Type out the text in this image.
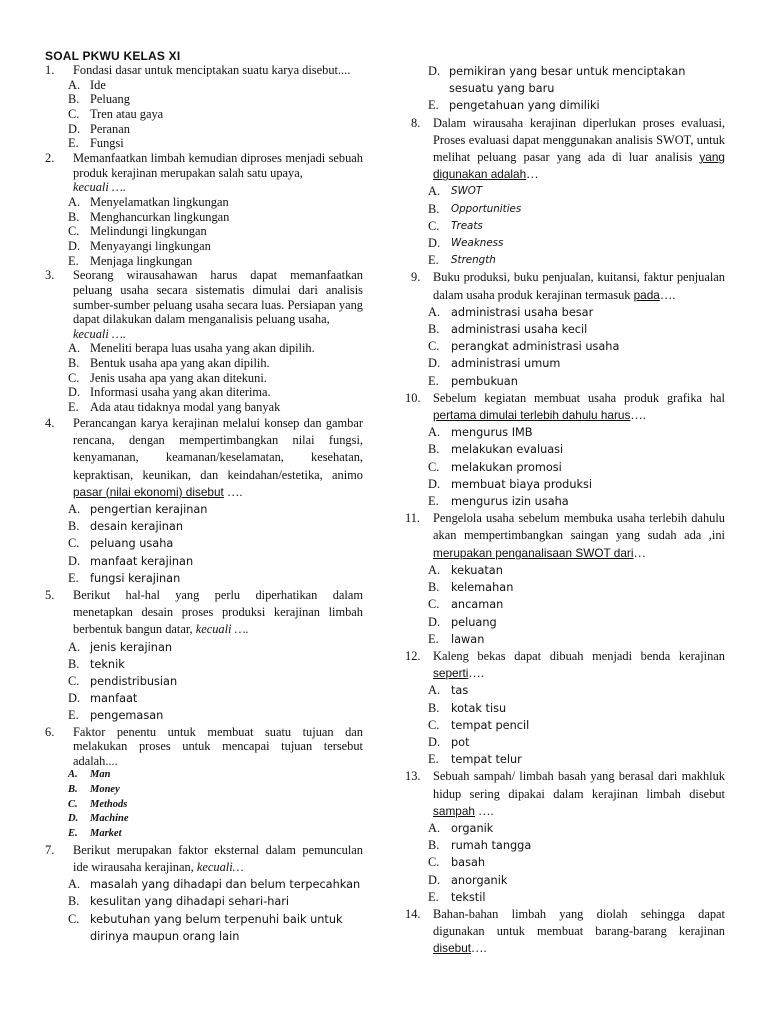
SOAL PKWU KELAS XI
1. Fondasi dasar untuk menciptakan suatu karya disebut....
A. Ide
B. Peluang
C. Tren atau gaya
D. Peranan
E. Fungsi
2. Memanfaatkan limbah kemudian diproses menjadi sebuah produk kerajinan merupakan salah satu upaya,
kecuali ….
A. Menyelamatkan lingkungan
B. Menghancurkan lingkungan
C. Melindungi lingkungan
D. Menyayangi lingkungan
E. Menjaga lingkungan
3. Seorang wirausahawan harus dapat memanfaatkan peluang usaha secara sistematis dimulai dari analisis sumber-sumber peluang usaha secara luas. Persiapan yang dapat dilakukan dalam menganalisis peluang usaha,
kecuali ….
A. Meneliti berapa luas usaha yang akan dipilih.
B. Bentuk usaha apa yang akan dipilih.
C. Jenis usaha apa yang akan ditekuni.
D. Informasi usaha yang akan diterima.
E. Ada atau tidaknya modal yang banyak
4. Perancangan karya kerajinan melalui konsep dan gambar rencana, dengan mempertimbangkan nilai fungsi, kenyamanan, keamanan/keselamatan, kesehatan, kepraktisan, keunikan, dan keindahan/estetika, animo pasar (nilai ekonomi) disebut ….
A. pengertian kerajinan
B. desain kerajinan
C. peluang usaha
D. manfaat kerajinan
E. fungsi kerajinan
5. Berikut hal-hal yang perlu diperhatikan dalam menetapkan desain proses produksi kerajinan limbah berbentuk bangun datar, kecuali ….
A. jenis kerajinan
B. teknik
C. pendistribusian
D. manfaat
E. pengemasan
6. Faktor penentu untuk membuat suatu tujuan dan melakukan proses untuk mencapai tujuan tersebut adalah....
A. Man
B. Money
C. Methods
D. Machine
E. Market
7. Berikut merupakan faktor eksternal dalam pemunculan ide wirausaha kerajinan, kecuali…
A. masalah yang dihadapi dan belum terpecahkan
B. kesulitan yang dihadapi sehari-hari
C. kebutuhan yang belum terpenuhi baik untuk dirinya maupun orang lain
D. pemikiran yang besar untuk menciptakan sesuatu yang baru
E. pengetahuan yang dimiliki
8. Dalam wirausaha kerajinan diperlukan proses evaluasi, Proses evaluasi dapat menggunakan analisis SWOT, untuk melihat peluang pasar yang ada di luar analisis yang digunakan adalah…
A. SWOT
B. Opportunities
C. Treats
D. Weakness
E. Strength
9. Buku produksi, buku penjualan, kuitansi, faktur penjualan dalam usaha produk kerajinan termasuk pada….
A. administrasi usaha besar
B. administrasi usaha kecil
C. perangkat administrasi usaha
D. administrasi umum
E. pembukuan
10. Sebelum kegiatan membuat usaha produk grafika hal pertama dimulai terlebih dahulu harus….
A. mengurus IMB
B. melakukan evaluasi
C. melakukan promosi
D. membuat biaya produksi
E. mengurus izin usaha
11. Pengelola usaha sebelum membuka usaha terlebih dahulu akan mempertimbangkan saingan yang sudah ada ,ini merupakan penganalisaan SWOT dari…
A. kekuatan
B. kelemahan
C. ancaman
D. peluang
E. lawan
12. Kaleng bekas dapat dibuah menjadi benda kerajinan seperti….
A. tas
B. kotak tisu
C. tempat pencil
D. pot
E. tempat telur
13. Sebuah sampah/ limbah basah yang berasal dari makhluk hidup sering dipakai dalam kerajinan limbah disebut sampah ….
A. organik
B. rumah tangga
C. basah
D. anorganik
E. tekstil
14. Bahan-bahan limbah yang diolah sehingga dapat digunakan untuk membuat barang-barang kerajinan disebut….
